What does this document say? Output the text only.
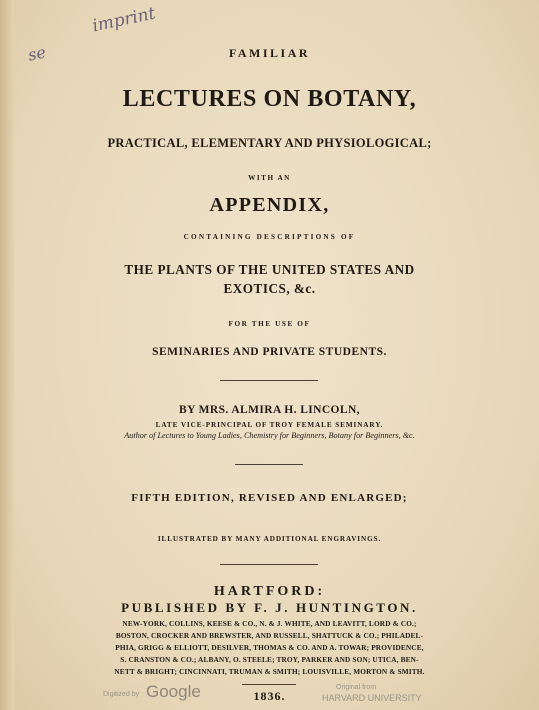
se
imprint
FAMILIAR
LECTURES ON BOTANY,
PRACTICAL, ELEMENTARY AND PHYSIOLOGICAL;
WITH AN
APPENDIX,
CONTAINING DESCRIPTIONS OF
THE PLANTS OF THE UNITED STATES AND
EXOTICS, &c.
FOR THE USE OF
SEMINARIES AND PRIVATE STUDENTS.
BY MRS. ALMIRA H. LINCOLN,
LATE VICE-PRINCIPAL OF TROY FEMALE SEMINARY.
Author of Lectures to Young Ladies, Chemistry for Beginners, Botany for Beginners, &c.
FIFTH EDITION, REVISED AND ENLARGED;
ILLUSTRATED BY MANY ADDITIONAL ENGRAVINGS.
HARTFORD:
PUBLISHED BY F. J. HUNTINGTON.
NEW-YORK, COLLINS, KEESE & CO., N. & J. WHITE, AND LEAVITT, LORD & CO.;
BOSTON, CROCKER AND BREWSTER, AND RUSSELL, SHATTUCK & CO.; PHILADEL-
PHIA, GRIGG & ELLIOTT, DESILVER, THOMAS & CO. AND A. TOWAR; PROVIDENCE,
S. CRANSTON & CO.; ALBANY, O. STEELE; TROY, PARKER AND SON; UTICA, BEN-
NETT & BRIGHT; CINCINNATI, TRUMAN & SMITH; LOUISVILLE, MORTON & SMITH.
1836.
Digitized by Google	Original from
HARVARD UNIVERSITY
